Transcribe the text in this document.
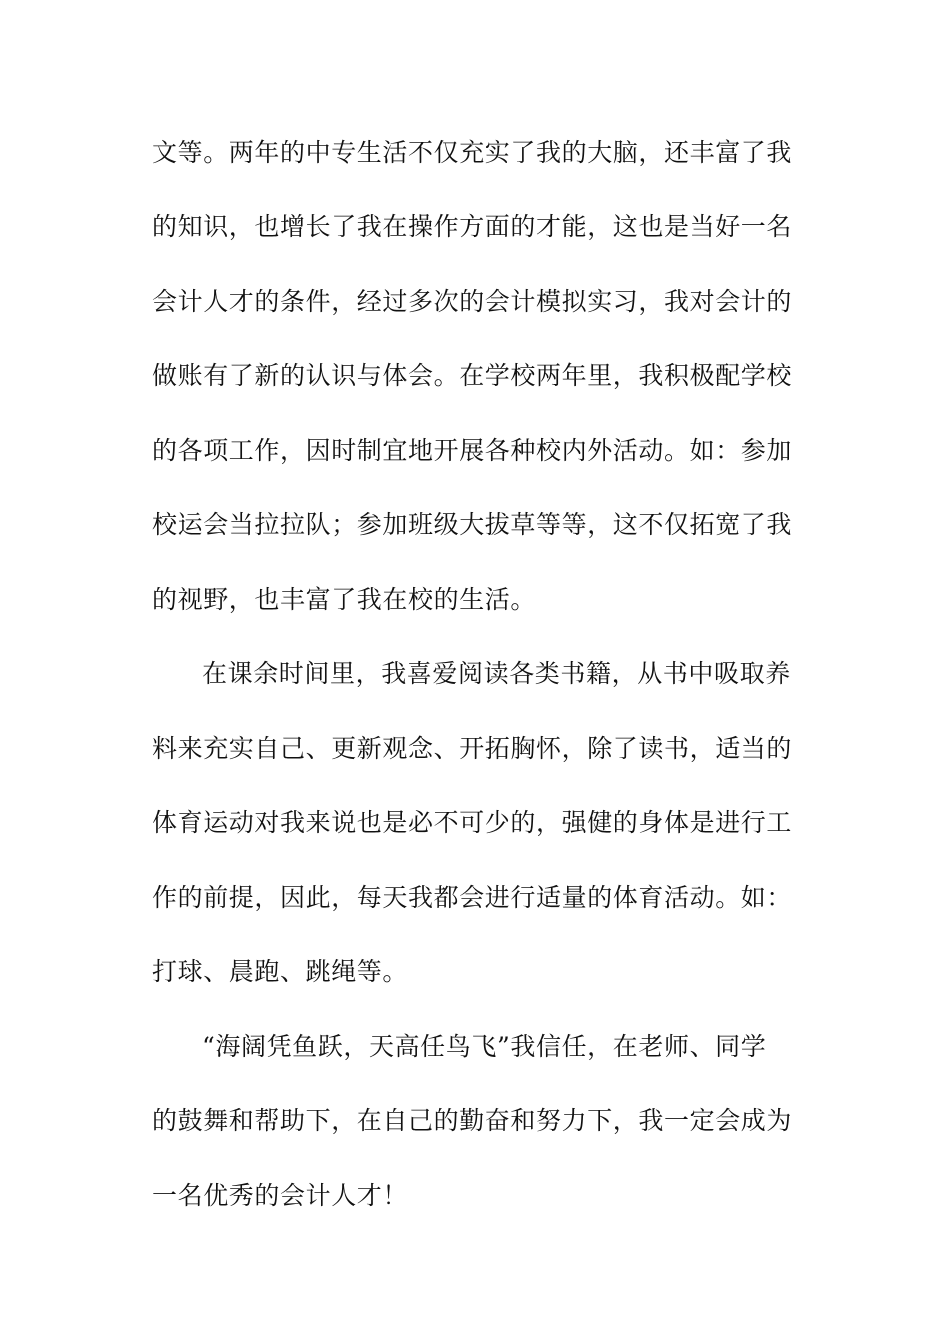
文等。两年的中专生活不仅充实了我的大脑，还丰富了我
的知识，也增长了我在操作方面的才能，这也是当好一名
会计人才的条件，经过多次的会计模拟实习，我对会计的
做账有了新的认识与体会。在学校两年里，我积极配学校
的各项工作，因时制宜地开展各种校内外活动。如：参加
校运会当拉拉队；参加班级大拔草等等，这不仅拓宽了我
的视野，也丰富了我在校的生活。
在课余时间里，我喜爱阅读各类书籍，从书中吸取养
料来充实自己、更新观念、开拓胸怀，除了读书，适当的
体育运动对我来说也是必不可少的，强健的身体是进行工
作的前提，因此，每天我都会进行适量的体育活动。如：
打球、晨跑、跳绳等。
“海阔凭鱼跃，天高任鸟飞”我信任，在老师、同学
的鼓舞和帮助下，在自己的勤奋和努力下，我一定会成为
一名优秀的会计人才！
